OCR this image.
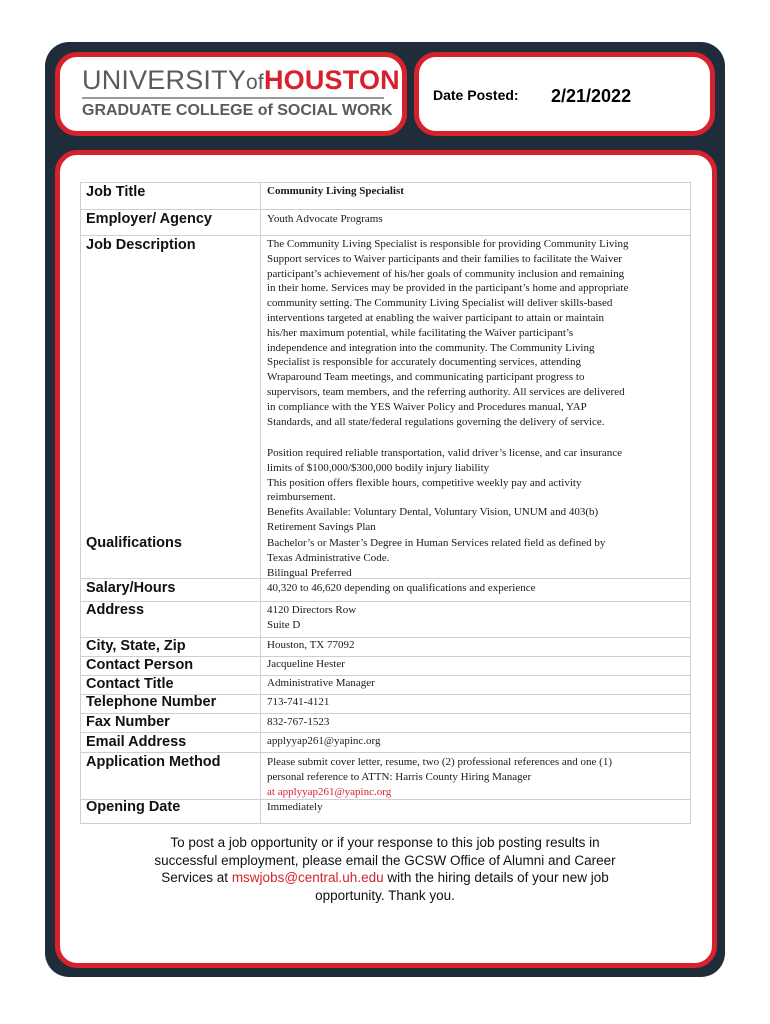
UNIVERSITYofHOUSTON
GRADUATE COLLEGE of SOCIAL WORK
Date Posted: 2/21/2022
Job Title
Employer/ Agency
Job Description
Qualifications
Salary/Hours
Address
City, State, Zip
Contact Person
Contact Title
Telephone Number
Fax Number
Email Address
Application Method
Opening Date
Community Living Specialist
Youth Advocate Programs
The Community Living Specialist is responsible for providing Community Living
Support services to Waiver participants and their families to facilitate the Waiver
participant’s achievement of his/her goals of community inclusion and remaining
in their home. Services may be provided in the participant’s home and appropriate
community setting. The Community Living Specialist will deliver skills-based
interventions targeted at enabling the waiver participant to attain or maintain
his/her maximum potential, while facilitating the Waiver participant’s
independence and integration into the community. The Community Living
Specialist is responsible for accurately documenting services, attending
Wraparound Team meetings, and communicating participant progress to
supervisors, team members, and the referring authority. All services are delivered
in compliance with the YES Waiver Policy and Procedures manual, YAP
Standards, and all state/federal regulations governing the delivery of service.
Position required reliable transportation, valid driver’s license, and car insurance
limits of $100,000/$300,000 bodily injury liability
This position offers flexible hours, competitive weekly pay and activity
reimbursement.
Benefits Available: Voluntary Dental, Voluntary Vision, UNUM and 403(b)
Retirement Savings Plan
Bachelor’s or Master’s Degree in Human Services related field as defined by
Texas Administrative Code.
Bilingual Preferred
40,320 to 46,620 depending on qualifications and experience
4120 Directors Row
Suite D
Houston, TX 77092
Jacqueline Hester
Administrative Manager
713-741-4121
832-767-1523
applyyap261@yapinc.org
Please submit cover letter, resume, two (2) professional references and one (1)
personal reference to ATTN: Harris County Hiring Manager
at applyyap261@yapinc.org
Immediately
To post a job opportunity or if your response to this job posting results in
successful employment, please email the GCSW Office of Alumni and Career
Services at mswjobs@central.uh.edu with the hiring details of your new job
opportunity. Thank you.
